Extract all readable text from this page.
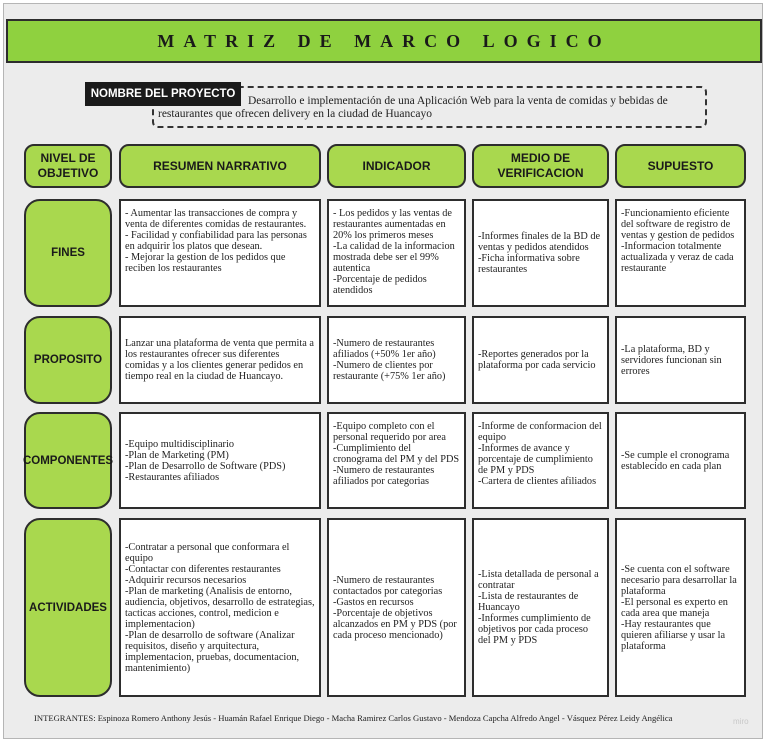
MATRIZ DE MARCO LOGICO
Desarrollo e implementación de una Aplicación Web para la venta de comidas y bebidas de restaurantes que ofrecen delivery en la ciudad de Huancayo
NOMBRE DEL PROYECTO
NIVEL DE OBJETIVO
RESUMEN NARRATIVO	INDICADOR
MEDIO DE VERIFICACION
SUPUESTO
FINES
- Aumentar las transacciones de compra y venta de diferentes comidas de restaurantes.
- Facilidad y confiabilidad para las personas en adquirir los platos que desean.
- Mejorar la gestion de los pedidos que reciben los restaurantes
- Los pedidos y las ventas de restaurantes aumentadas en 20% los primeros meses
-La calidad de la informacion mostrada debe ser el 99% autentica
-Porcentaje de pedidos atendidos
-Informes finales de la BD de ventas y pedidos atendidos
-Ficha informativa sobre restaurantes
-Funcionamiento eficiente del software de registro de ventas y gestion de pedidos
-Informacion totalmente actualizada y veraz de cada restaurante
PROPOSITO
Lanzar una plataforma de venta que permita a los restaurantes ofrecer sus diferentes comidas y a los clientes generar pedidos en tiempo real en la ciudad de Huancayo.
-Numero de restaurantes afiliados (+50% 1er año)
-Numero de clientes por restaurante (+75% 1er año)
-Reportes generados por la plataforma por cada servicio
-La plataforma, BD y servidores funcionan sin errores
COMPONENTES
-Equipo multidisciplinario
-Plan de Marketing (PM)
-Plan de Desarrollo de Software (PDS)
-Restaurantes afiliados
-Equipo completo con el personal requerido por area
-Cumplimiento del cronograma del PM y del PDS
-Numero de restaurantes afiliados por categorias
-Informe de conformacion del equipo
-Informes de avance y porcentaje de cumplimiento de PM y PDS
-Cartera de clientes afiliados
-Se cumple el cronograma establecido en cada plan
ACTIVIDADES
-Contratar a personal que conformara el equipo
-Contactar con diferentes restaurantes
-Adquirir recursos necesarios
-Plan de marketing (Analisis de entorno, audiencia, objetivos, desarrollo de estrategias, tacticas acciones, control, medicion e implementacion)
-Plan de desarrollo de software (Analizar requisitos, diseño y arquitectura, implementacion, pruebas, documentacion, mantenimiento)
-Numero de restaurantes contactados por categorias
-Gastos en recursos
-Porcentaje de objetivos alcanzados en PM y PDS (por cada proceso mencionado)
-Lista detallada de personal a contratar
-Lista de restaurantes de Huancayo
-Informes cumplimiento de objetivos por cada proceso del PM y PDS
-Se cuenta con el software necesario para desarrollar la plataforma
-El personal es experto en cada area que maneja
-Hay restaurantes que quieren afiliarse y usar la plataforma
INTEGRANTES: Espinoza Romero Anthony Jesús - Huamán Rafael Enrique Diego - Macha Ramirez Carlos Gustavo - Mendoza Capcha Alfredo Angel - Vásquez Pérez Leidy Angélica	miro
